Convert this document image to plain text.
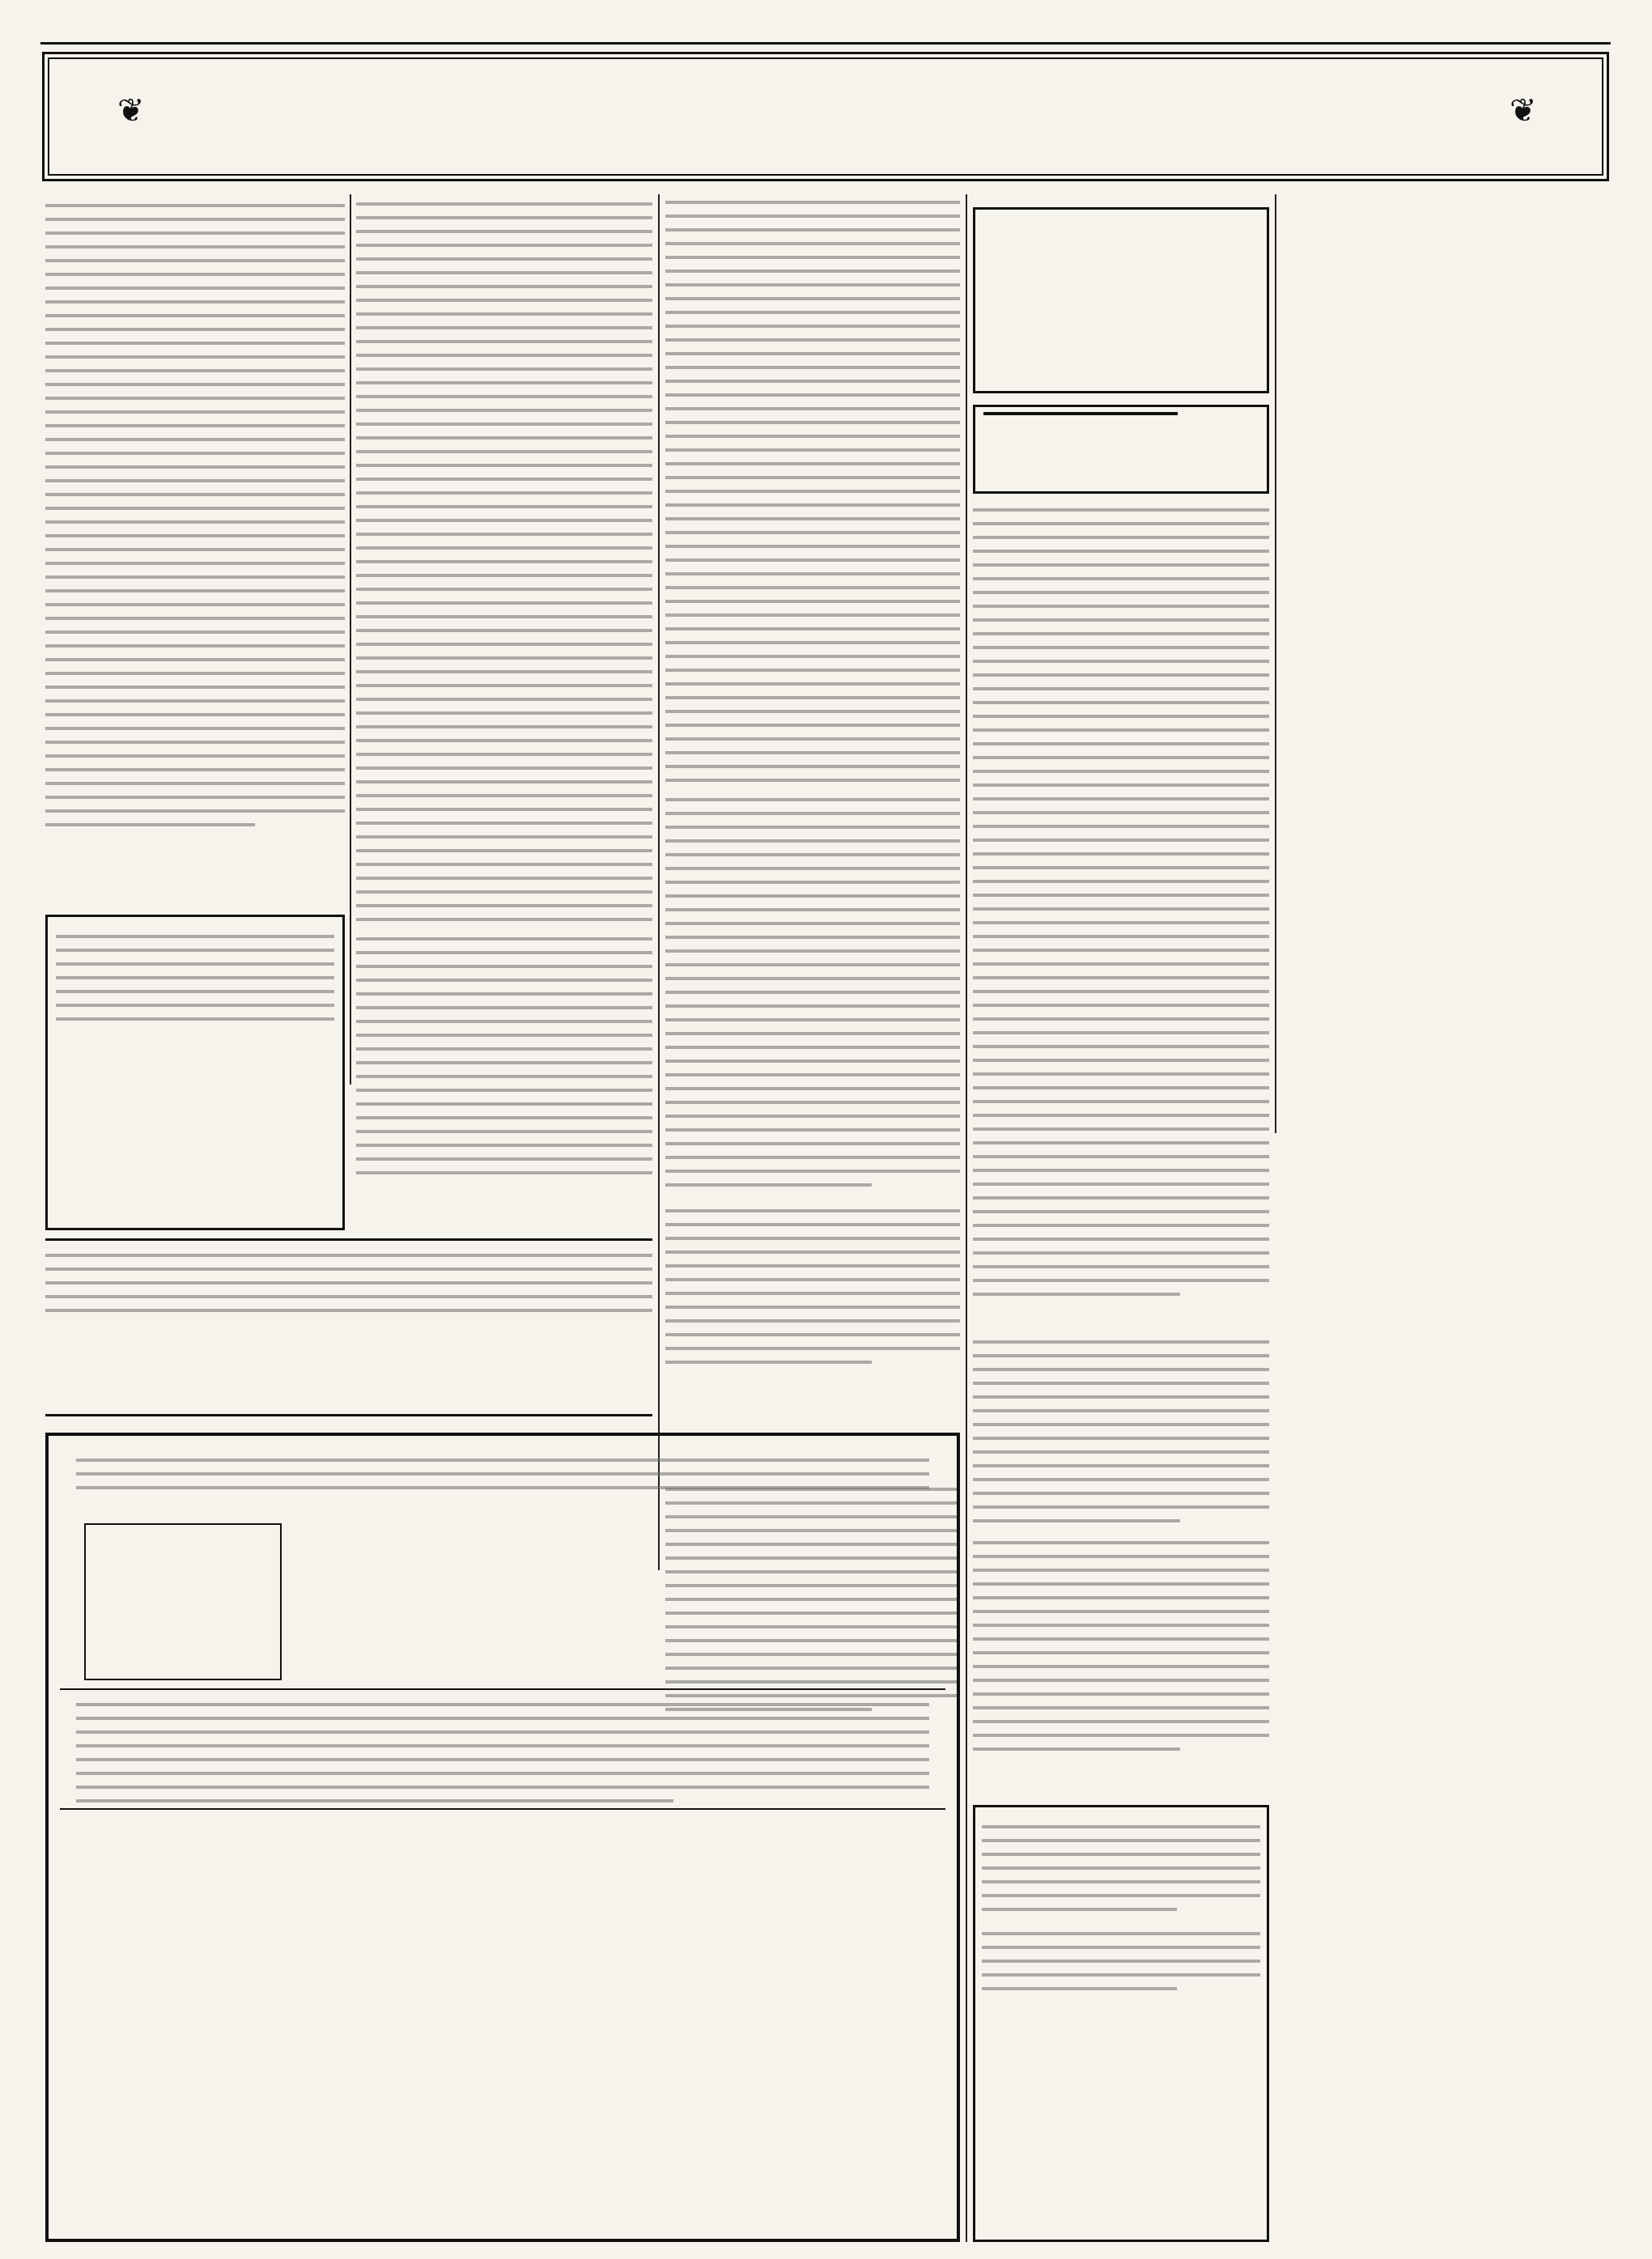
❦	❦
